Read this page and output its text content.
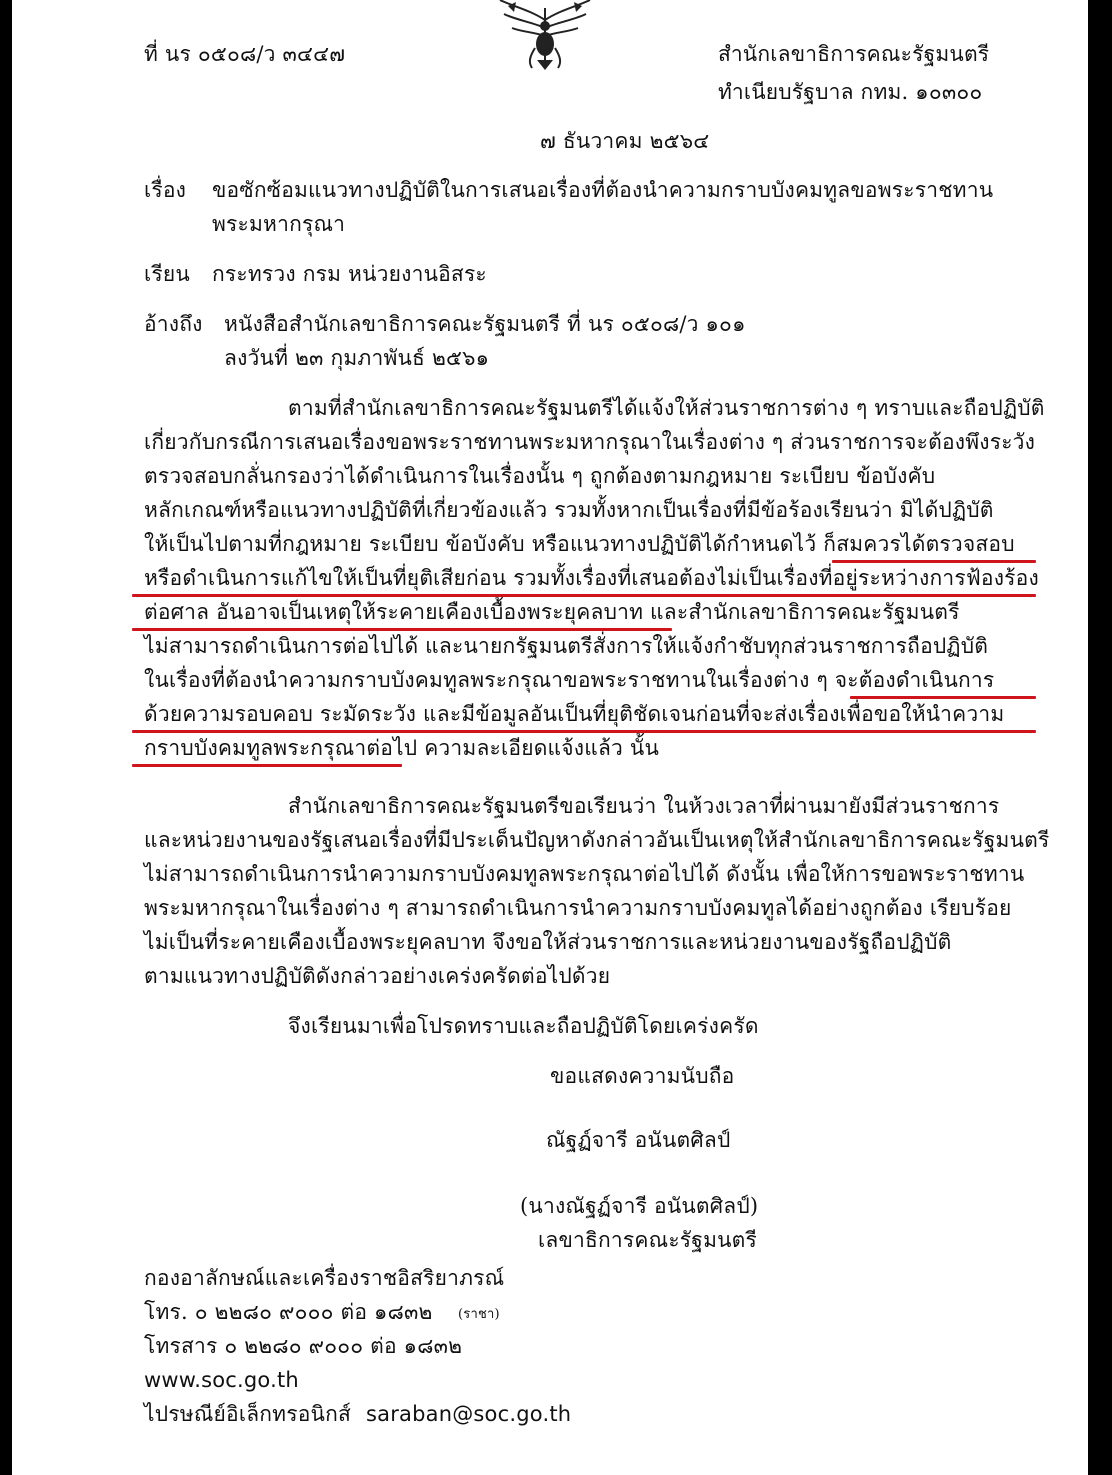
ที่ นร ๐๕๐๘/ว ๓๔๔๗	สำนักเลขาธิการคณะรัฐมนตรี
ทำเนียบรัฐบาล กทม. ๑๐๓๐๐
๗ ธันวาคม ๒๕๖๔
เรื่อง ขอซักซ้อมแนวทางปฏิบัติในการเสนอเรื่องที่ต้องนำความกราบบังคมทูลขอพระราชทาน
พระมหากรุณา
เรียน กระทรวง กรม หน่วยงานอิสระ
อ้างถึง หนังสือสำนักเลขาธิการคณะรัฐมนตรี ที่ นร ๐๕๐๘/ว ๑๐๑
ลงวันที่ ๒๓ กุมภาพันธ์ ๒๕๖๑
ตามที่สำนักเลขาธิการคณะรัฐมนตรีได้แจ้งให้ส่วนราชการต่าง ๆ ทราบและถือปฏิบัติ
เกี่ยวกับกรณีการเสนอเรื่องขอพระราชทานพระมหากรุณาในเรื่องต่าง ๆ ส่วนราชการจะต้องพึงระวัง
ตรวจสอบกลั่นกรองว่าได้ดำเนินการในเรื่องนั้น ๆ ถูกต้องตามกฎหมาย ระเบียบ ข้อบังคับ
หลักเกณฑ์หรือแนวทางปฏิบัติที่เกี่ยวข้องแล้ว รวมทั้งหากเป็นเรื่องที่มีข้อร้องเรียนว่า มิได้ปฏิบัติ
ให้เป็นไปตามที่กฎหมาย ระเบียบ ข้อบังคับ หรือแนวทางปฏิบัติได้กำหนดไว้ ก็สมควรได้ตรวจสอบ
หรือดำเนินการแก้ไขให้เป็นที่ยุติเสียก่อน รวมทั้งเรื่องที่เสนอต้องไม่เป็นเรื่องที่อยู่ระหว่างการฟ้องร้อง
ต่อศาล อันอาจเป็นเหตุให้ระคายเคืองเบื้องพระยุคลบาท และสำนักเลขาธิการคณะรัฐมนตรี
ไม่สามารถดำเนินการต่อไปได้ และนายกรัฐมนตรีสั่งการให้แจ้งกำชับทุกส่วนราชการถือปฏิบัติ
ในเรื่องที่ต้องนำความกราบบังคมทูลพระกรุณาขอพระราชทานในเรื่องต่าง ๆ จะต้องดำเนินการ
ด้วยความรอบคอบ ระมัดระวัง และมีข้อมูลอันเป็นที่ยุติชัดเจนก่อนที่จะส่งเรื่องเพื่อขอให้นำความ
กราบบังคมทูลพระกรุณาต่อไป ความละเอียดแจ้งแล้ว นั้น
สำนักเลขาธิการคณะรัฐมนตรีขอเรียนว่า ในห้วงเวลาที่ผ่านมายังมีส่วนราชการ
และหน่วยงานของรัฐเสนอเรื่องที่มีประเด็นปัญหาดังกล่าวอันเป็นเหตุให้สำนักเลขาธิการคณะรัฐมนตรี
ไม่สามารถดำเนินการนำความกราบบังคมทูลพระกรุณาต่อไปได้ ดังนั้น เพื่อให้การขอพระราชทาน
พระมหากรุณาในเรื่องต่าง ๆ สามารถดำเนินการนำความกราบบังคมทูลได้อย่างถูกต้อง เรียบร้อย
ไม่เป็นที่ระคายเคืองเบื้องพระยุคลบาท จึงขอให้ส่วนราชการและหน่วยงานของรัฐถือปฏิบัติ
ตามแนวทางปฏิบัติดังกล่าวอย่างเคร่งครัดต่อไปด้วย
จึงเรียนมาเพื่อโปรดทราบและถือปฏิบัติโดยเคร่งครัด
ขอแสดงความนับถือ
ณัฐฏ์จารี อนันตศิลป์
(นางณัฐฏ์จารี อนันตศิลป์)
เลขาธิการคณะรัฐมนตรี
กองอาลักษณ์และเครื่องราชอิสริยาภรณ์
โทร. ๐ ๒๒๘๐ ๙๐๐๐ ต่อ ๑๘๓๒ (ราชา)
โทรสาร ๐ ๒๒๘๐ ๙๐๐๐ ต่อ ๑๘๓๒
www.soc.go.th
ไปรษณีย์อิเล็กทรอนิกส์ saraban@soc.go.th
